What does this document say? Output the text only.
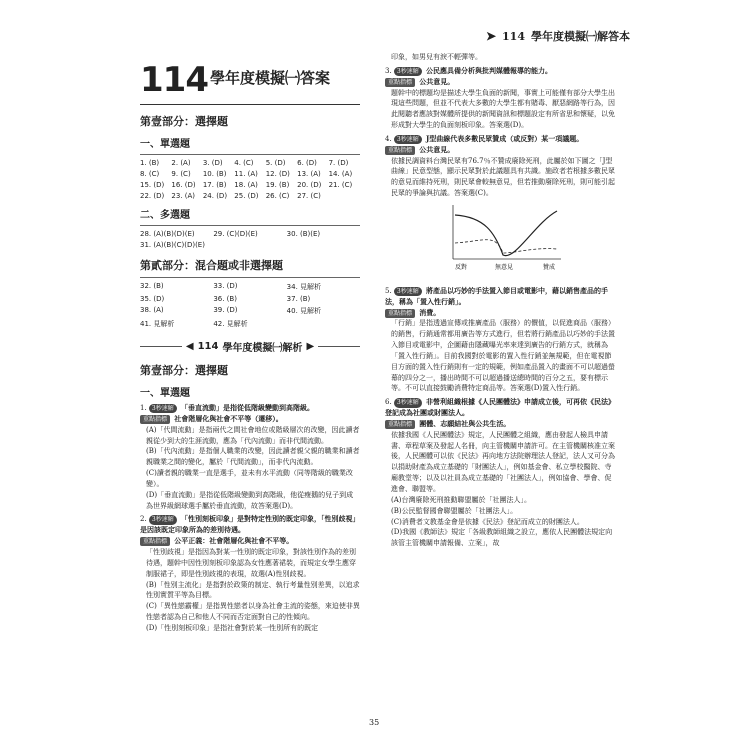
➤ 114 學年度模擬㈠解答本
114 $^{學年度模擬㈠答案}$
第壹部分：選擇題
一、單選題
1. (B)	2. (A)	3. (D)	4. (C)	5. (D)	6. (D)	7. (D)
8. (C)	9. (C)	10. (B)	11. (A)	12. (D)	13. (A)	14. (A)
15. (D)	16. (D)	17. (B)	18. (A)	19. (B)	20. (D)	21. (C)
22. (D)	23. (A)	24. (D)	25. (D)	26. (C)	27. (C)
二、多選題
28. (A)(B)(D)(E)	29. (C)(D)(E)	30. (B)(E)
31. (A)(B)(C)(D)(E)
第貳部分：混合題或非選擇題
32. (B)	33. (D)	34. 見解析
35. (D)	36. (B)	37. (B)
38. (A)	39. (D)	40. 見解析
41. 見解析	42. 見解析
◀ 114 學年度模擬㈠解析 ▶
第壹部分：選擇題
一、單選題
1. 3秒速解 「垂直流動」是指從低階級變動到高階級。
重點指標 社會階層化與社會不平等（遷移）。
(A)「代間流動」是指兩代之間社會地位或階級層次的改變，因此讀者親從少到大的生涯流動，應為「代內流動」而非代間流動。
(B)「代內流動」是指個人職業的改變，因此讀者親父親的職業和讀者親職業之間的變化，屬於「代間流動」，而非代內流動。
(C)讀者親的職業一直是選手，並未有水平流動（同等階級的職業改變）。
(D)「垂直流動」是指從低階級變動到高階級，他從瘦鵝的兒子到成為世界級網球選手屬於垂直流動，故答案選(D)。
2. 3秒速解 「性別刻板印象」是對特定性別的既定印象，「性別歧視」是因該既定印象所為的差別待遇。
重點指標 公平正義：社會階層化與社會不平等。
「性別歧視」是指因為對某一性別的既定印象，對該性別作為的差別待遇，題幹中因性別刻板印象認為女性應著裙裝，而規定女學生應穿制服裙子，即是性別歧視的表現，故選(A)性別歧視。
(B)「性別主流化」是指對於政策的制定、執行考量性別差異，以追求性別實質平等為目標。
(C)「異性戀霸權」是指異性戀者以身為社會主流的姿態，來迫使非異性戀者認為自己和他人不同而否定面對自己的性傾向。
(D)「性別刻板印象」是指社會對於某一性別所有的既定
印象，如男兒有淚不輕彈等。
3. 3秒速解 公民應具備分析與批判媒體報導的能力。
重點指標 公共意見。
題幹中的標題均是描述大學生負面的新聞，事實上可能僅有部分大學生出現這些問題，但並不代表大多數的大學生都有賭毒、厭惡網路等行為，因此閱聽者應該對媒體所提供的新聞資訊和標題設定有所省思和懷疑，以免形成對大學生的負面刻板印象。答案選(D)。
4. 3秒速解 J型曲線代表多數民眾贊成（或反對）某一項議題。
重點指標 公共意見。
依據民調資料台灣民眾有76.7％不贊成廢除死刑，此屬於如下圖之「J型曲線」民意型態，顯示民眾對於此議題具有共識。施政者若根據多數民眾的意見而維持死刑，則民眾會較無意見，但若推動廢除死刑，則可能引起民眾的爭論與抗議。答案選(C)。
反對	無意見	贊成
5. 3秒速解 將產品以巧妙的手法置入節目或電影中，藉以銷售產品的手法，稱為「置入性行銷」。
重點指標 消費。
「行銷」是指透過宣傳或推廣產品（服務）的價值，以促進商品（服務）的銷售，行銷通常都用廣告等方式進行，但若將行銷產品以巧妙的手法置入節目或電影中，企圖藉由隱藏曝光率來達到廣告的行銷方式，就稱為「置入性行銷」。目前我國對於電影的置入性行銷並無規範，但在電視節目方面的置入性行銷則有一定的規範，例如產品置入的畫面不可以超過螢幕的四分之一，播出時間不可以超過播送總時間的百分之五，要有標示等。不可以直接鼓勵消費特定商品等。答案選(D)置入性行銷。
6. 3秒速解 非營利組織根據《人民團體法》申請成立後，可再依《民法》登記成為社團或財團法人。
重點指標 團體、志願結社與公共生活。
依據我國《人民團體法》規定，人民團體之組織，應由發起人檢具申請書、章程草案及發起人名冊，向主管機關申請許可。在主管機關核准立案後，人民團體可以依《民法》再向地方法院辦理法人登記，法人又可分為以捐助財產為成立基礎的「財團法人」，例如基金會、私立學校醫院、寺廟教堂等；以及以社員為成立基礎的「社團法人」，例如協會、學會、促進會、聯盟等。
(A)台灣廢除死刑推動聯盟屬於「社團法人」。
(B)公民監督國會聯盟屬於「社團法人」。
(C)消費者文教基金會是依據《民法》登記而成立的財團法人。
(D)我國《教師法》規定「各級教師組織之設立，應依人民團體法規定向該管主管機關申請報備、立案」，故
35
